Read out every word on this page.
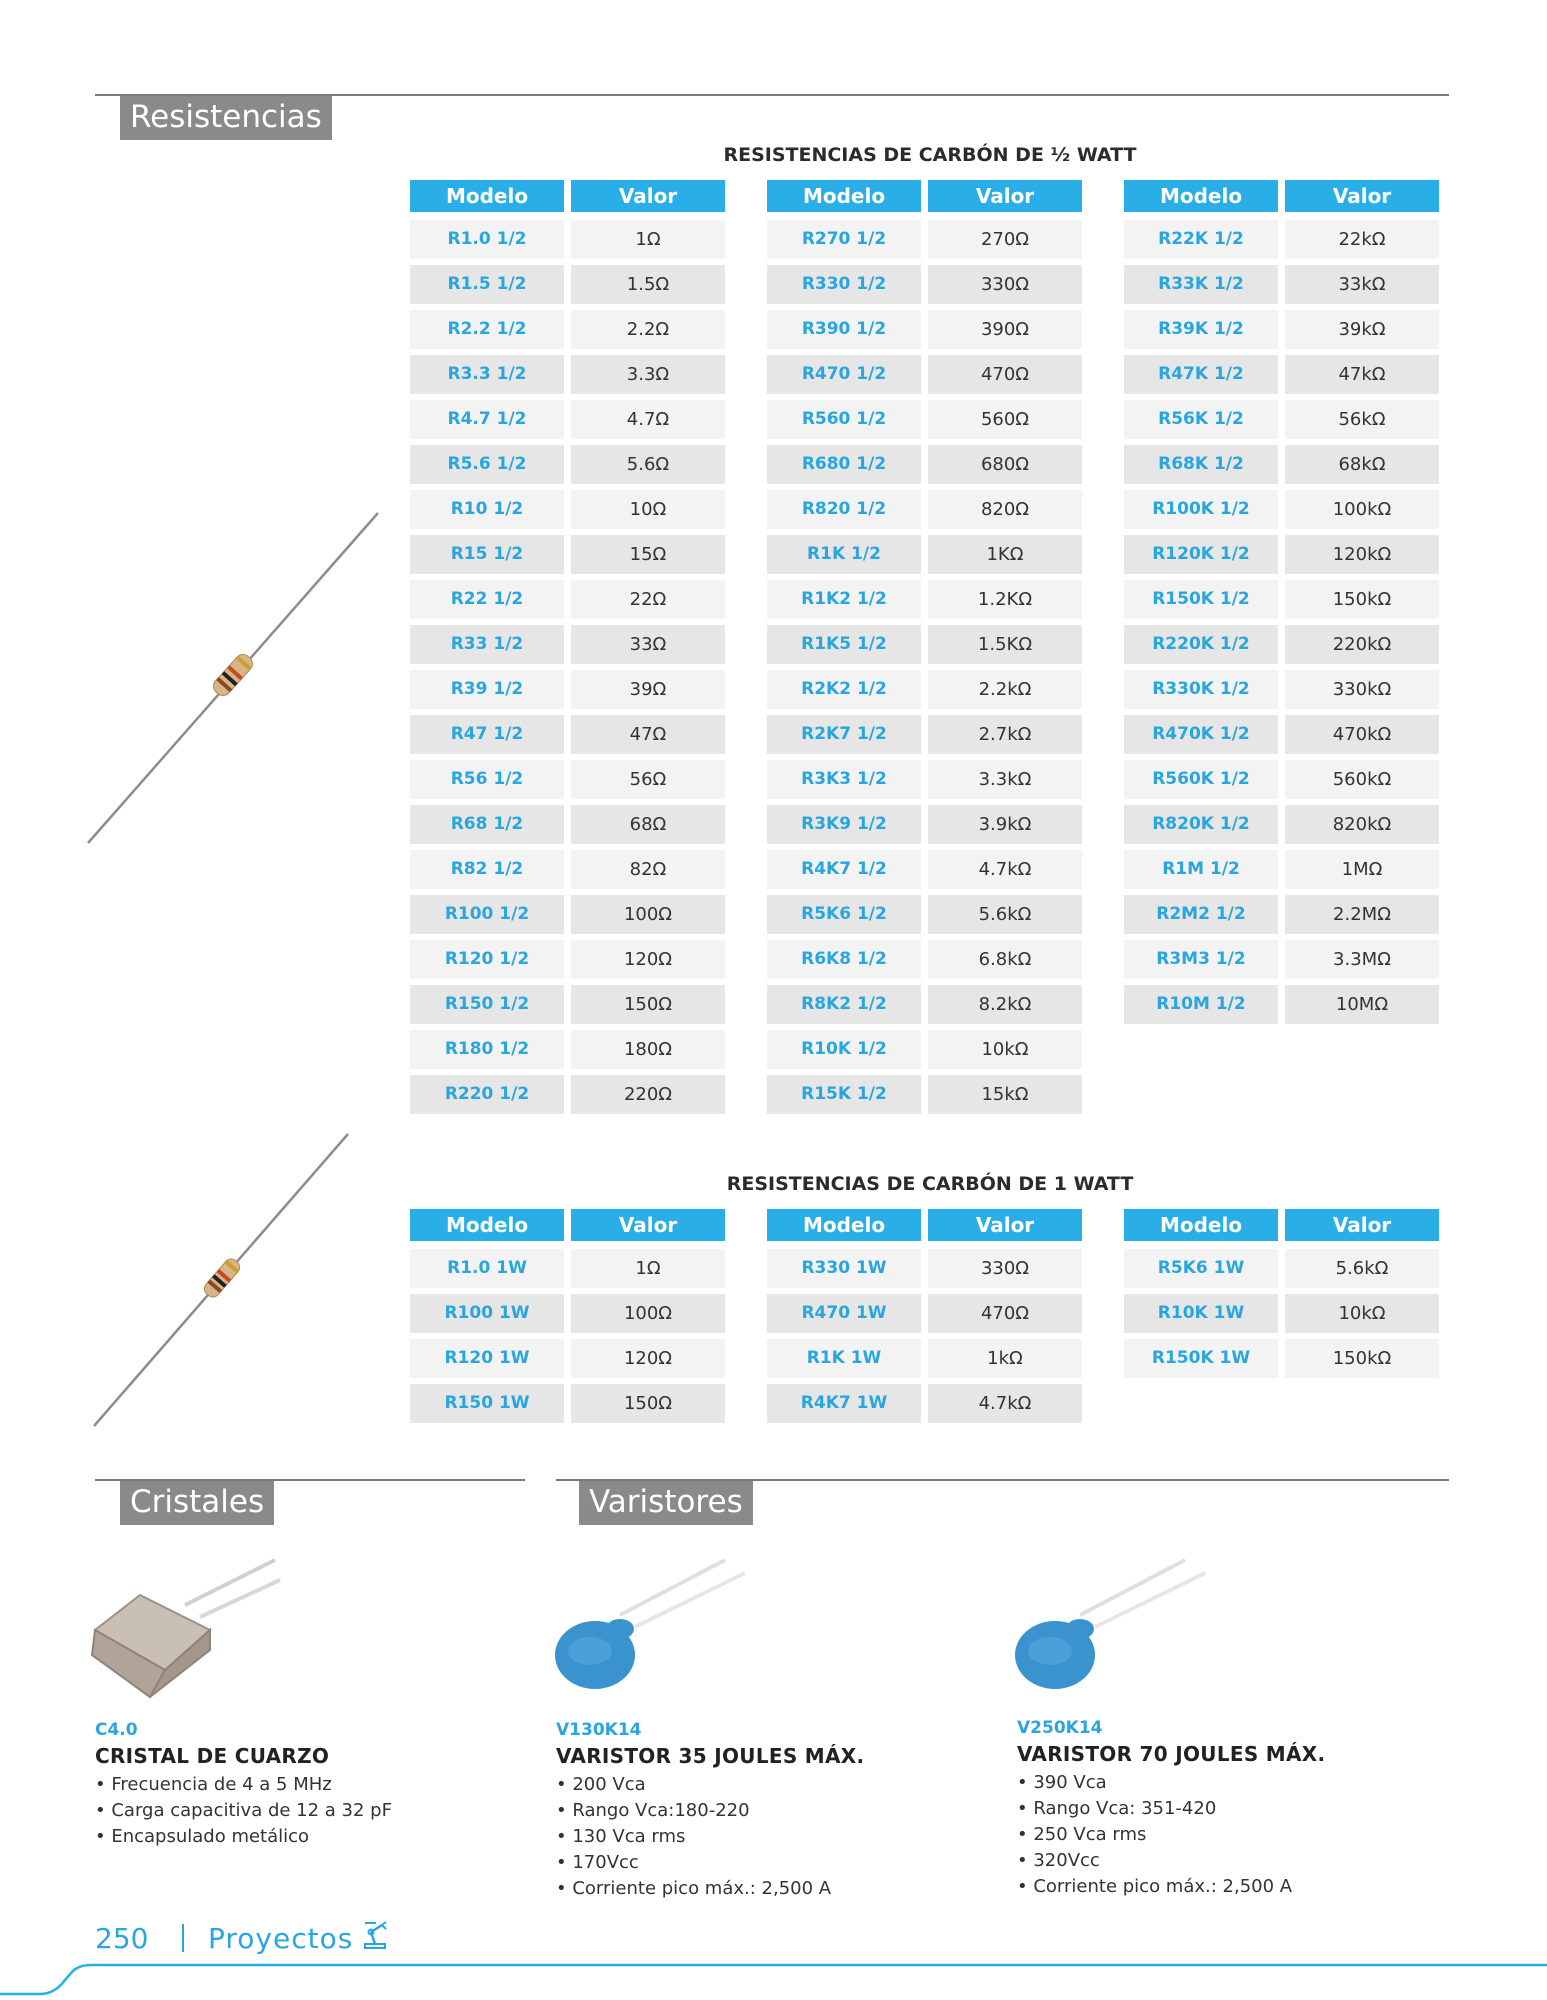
Resistencias
RESISTENCIAS DE CARBÓN DE ½ WATT
Modelo	Valor
R1.0 1/2	1Ω
R1.5 1/2	1.5Ω
R2.2 1/2	2.2Ω
R3.3 1/2	3.3Ω
R4.7 1/2	4.7Ω
R5.6 1/2	5.6Ω
R10 1/2	10Ω
R15 1/2	15Ω
R22 1/2	22Ω
R33 1/2	33Ω
R39 1/2	39Ω
R47 1/2	47Ω
R56 1/2	56Ω
R68 1/2	68Ω
R82 1/2	82Ω
R100 1/2	100Ω
R120 1/2	120Ω
R150 1/2	150Ω
R180 1/2	180Ω
R220 1/2	220Ω
Modelo	Valor
R270 1/2	270Ω
R330 1/2	330Ω
R390 1/2	390Ω
R470 1/2	470Ω
R560 1/2	560Ω
R680 1/2	680Ω
R820 1/2	820Ω
R1K 1/2	1KΩ
R1K2 1/2	1.2KΩ
R1K5 1/2	1.5KΩ
R2K2 1/2	2.2kΩ
R2K7 1/2	2.7kΩ
R3K3 1/2	3.3kΩ
R3K9 1/2	3.9kΩ
R4K7 1/2	4.7kΩ
R5K6 1/2	5.6kΩ
R6K8 1/2	6.8kΩ
R8K2 1/2	8.2kΩ
R10K 1/2	10kΩ
R15K 1/2	15kΩ
Modelo	Valor
R22K 1/2	22kΩ
R33K 1/2	33kΩ
R39K 1/2	39kΩ
R47K 1/2	47kΩ
R56K 1/2	56kΩ
R68K 1/2	68kΩ
R100K 1/2	100kΩ
R120K 1/2	120kΩ
R150K 1/2	150kΩ
R220K 1/2	220kΩ
R330K 1/2	330kΩ
R470K 1/2	470kΩ
R560K 1/2	560kΩ
R820K 1/2	820kΩ
R1M 1/2	1MΩ
R2M2 1/2	2.2MΩ
R3M3 1/2	3.3MΩ
R10M 1/2	10MΩ
RESISTENCIAS DE CARBÓN DE 1 WATT
Modelo	Valor
R1.0 1W	1Ω
R100 1W	100Ω
R120 1W	120Ω
R150 1W	150Ω
Modelo	Valor
R330 1W	330Ω
R470 1W	470Ω
R1K 1W	1kΩ
R4K7 1W	4.7kΩ
Modelo	Valor
R5K6 1W	5.6kΩ
R10K 1W	10kΩ
R150K 1W	150kΩ
Cristales	Varistores
C4.0
CRISTAL DE CUARZO
• Frecuencia de 4 a 5 MHz
• Carga capacitiva de 12 a 32 pF
• Encapsulado metálico
V130K14
VARISTOR 35 JOULES MÁX.
• 200 Vca
• Rango Vca:180-220
• 130 Vca rms
• 170Vcc
• Corriente pico máx.: 2,500 A
V250K14
VARISTOR 70 JOULES MÁX.
• 390 Vca
• Rango Vca: 351-420
• 250 Vca rms
• 320Vcc
• Corriente pico máx.: 2,500 A
250 Proyectos
